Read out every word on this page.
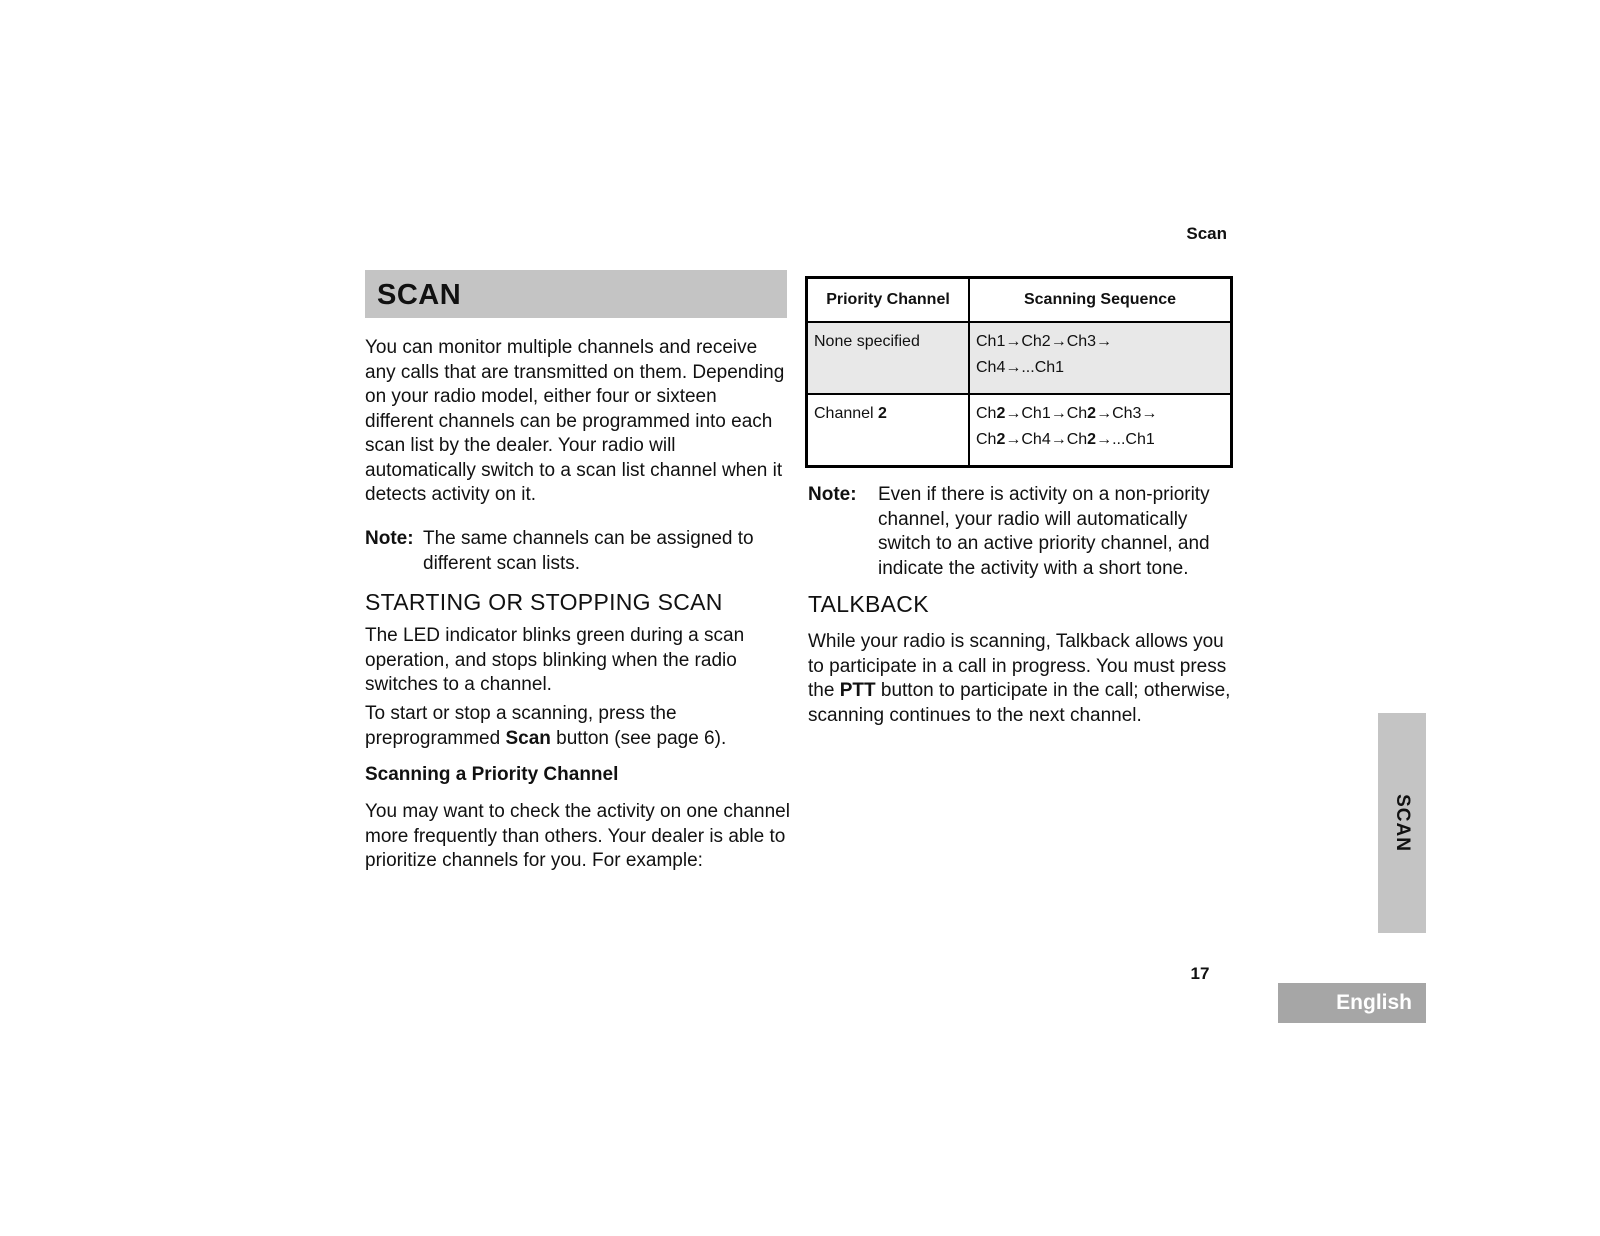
Scan
SCAN

You can monitor multiple channels and receive any calls that are transmitted on them. Depending on your radio model, either four or sixteen different channels can be programmed into each scan list by the dealer. Your radio will automatically switch to a scan list channel when it detects activity on it.

Note: The same channels can be assigned to different scan lists.
STARTING OR STOPPING SCAN

The LED indicator blinks green during a scan operation, and stops blinking when the radio switches to a channel.

To start or stop a scanning, press the preprogrammed Scan button (see page 6).

Scanning a Priority Channel

You may want to check the activity on one channel more frequently than others. Your dealer is able to prioritize channels for you. For example:

Priority Channel	Scanning Sequence
None specified	Ch1→Ch2→Ch3→
Ch4→...Ch1

Channel 2	Ch2→Ch1→Ch2→Ch3→
Ch2→Ch4→Ch2→...Ch1
Note:	Even if there is activity on a non-priority channel, your radio will automatically switch to an active priority channel, and indicate the activity with a short tone.
TALKBACK

While your radio is scanning, Talkback allows you to participate in a call in progress. You must press the PTT button to participate in the call; otherwise, scanning continues to the next channel.

SCAN
17
English
